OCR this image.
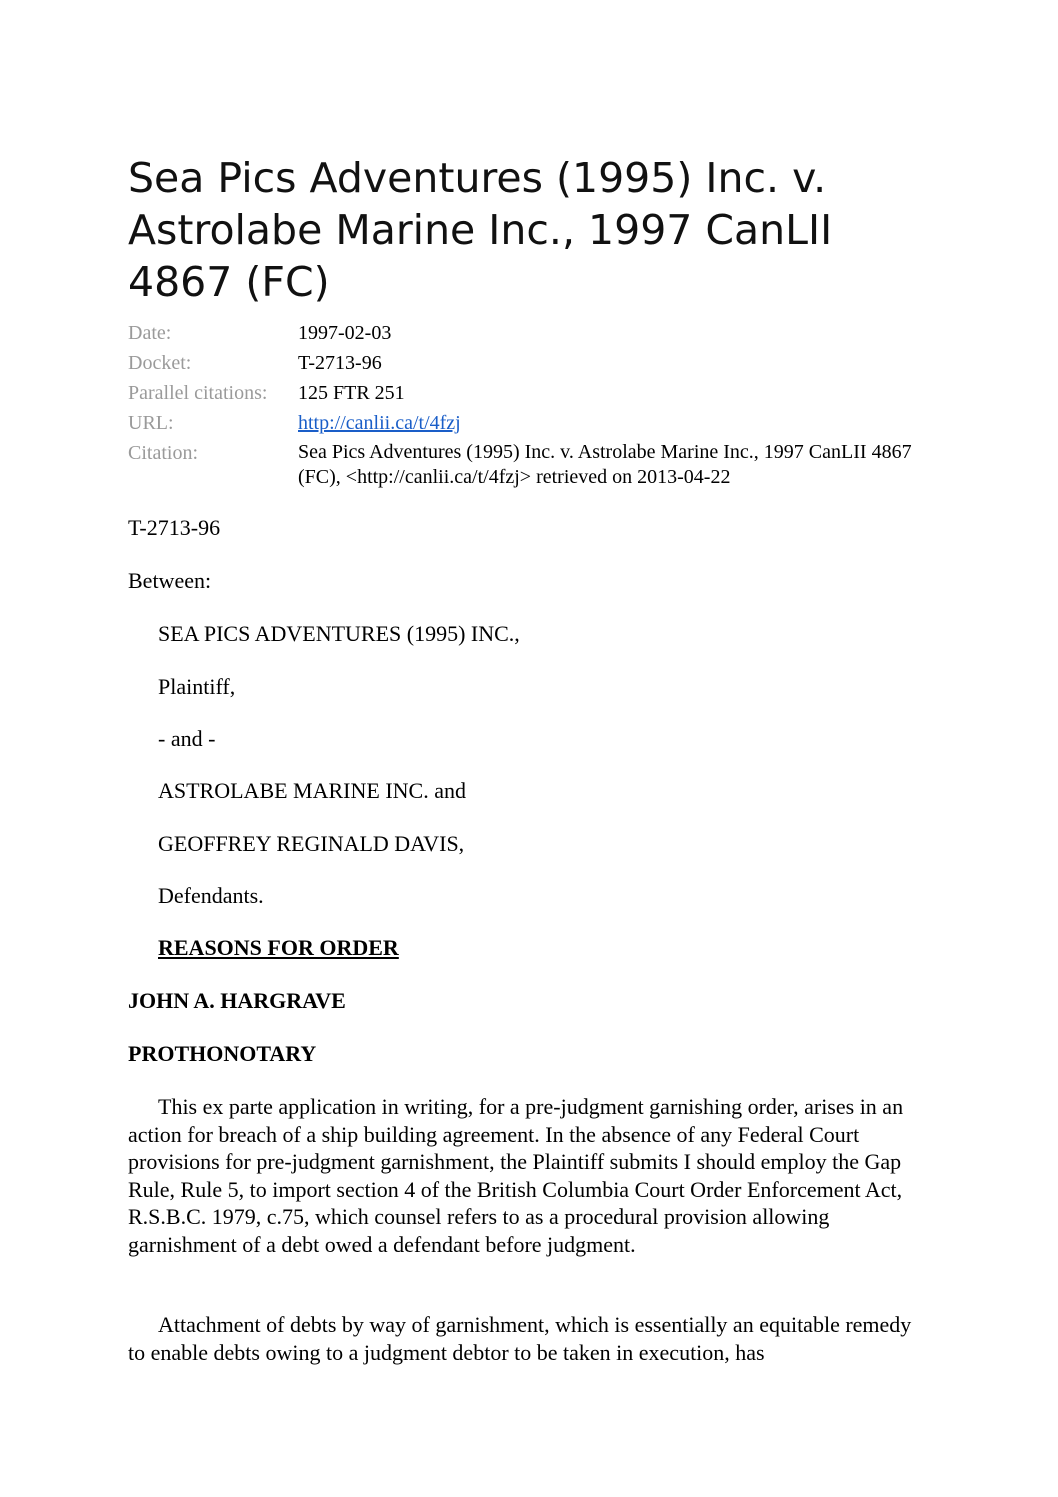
Sea Pics Adventures (1995) Inc. v. Astrolabe Marine Inc., 1997 CanLII 4867 (FC)
Date:	1997-02-03
Docket:	T-2713-96
Parallel citations:	125 FTR 251
URL:	http://canlii.ca/t/4fzj
Citation:	Sea Pics Adventures (1995) Inc. v. Astrolabe Marine Inc., 1997 CanLII 4867 (FC), <http://canlii.ca/t/4fzj> retrieved on 2013-04-22

T-2713-96

Between:

SEA PICS ADVENTURES (1995) INC.,

Plaintiff,

- and -

ASTROLABE MARINE INC. and

GEOFFREY REGINALD DAVIS,

Defendants.

REASONS FOR ORDER

JOHN A. HARGRAVE

PROTHONOTARY

This ex parte application in writing, for a pre-judgment garnishing order, arises in an action for breach of a ship building agreement. In the absence of any Federal Court provisions for pre-judgment garnishment, the Plaintiff submits I should employ the Gap Rule, Rule 5, to import section 4 of the British Columbia Court Order Enforcement Act, R.S.B.C. 1979, c.75, which counsel refers to as a procedural provision allowing garnishment of a debt owed a defendant before judgment.

Attachment of debts by way of garnishment, which is essentially an equitable remedy to enable debts owing to a judgment debtor to be taken in execution, has
